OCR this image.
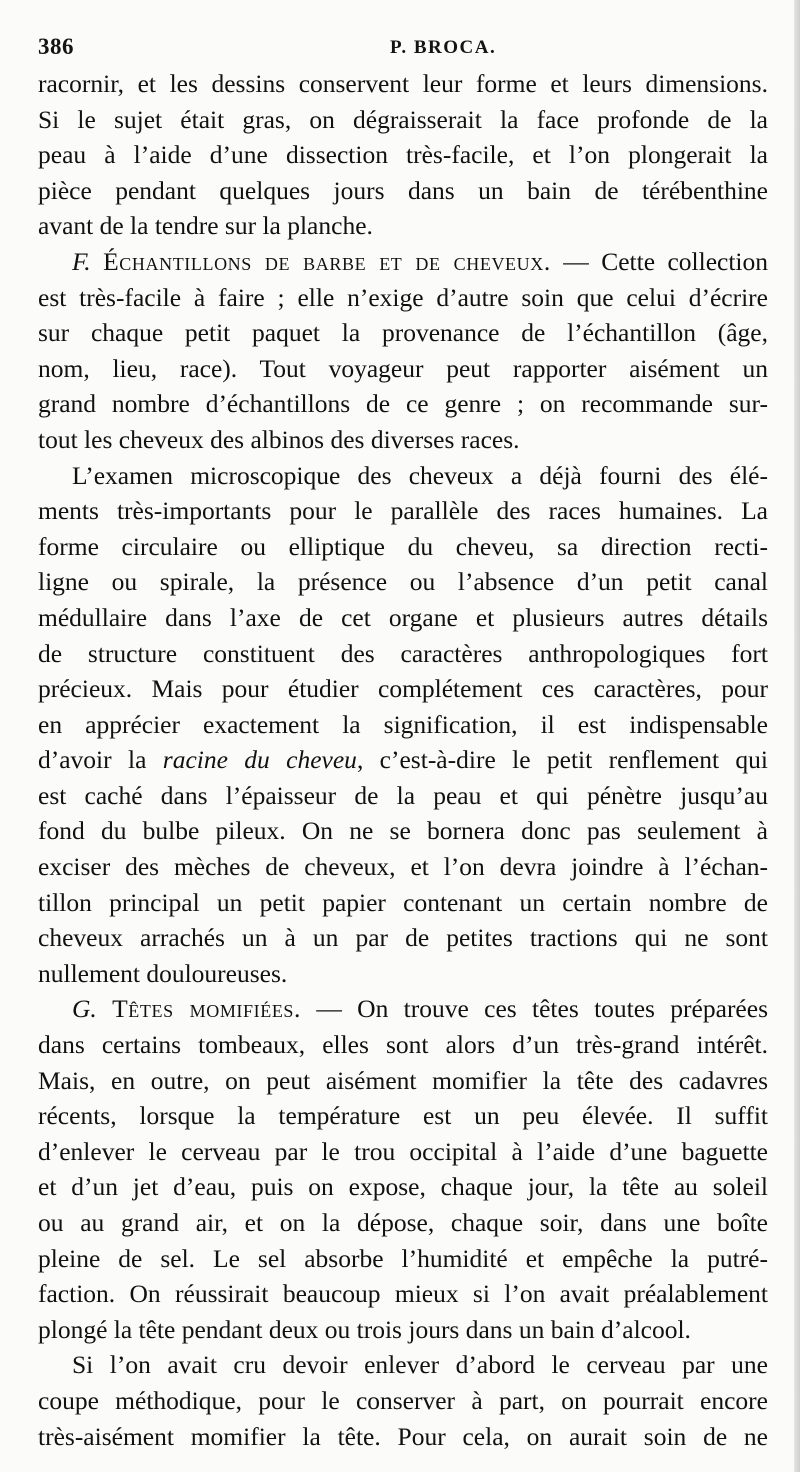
386	P. BROCA.
racornir, et les dessins conservent leur forme et leurs dimensions.
Si le sujet était gras, on dégraisserait la face profonde de la
peau à l’aide d’une dissection très-facile, et l’on plongerait la
pièce pendant quelques jours dans un bain de térébenthine
avant de la tendre sur la planche.
F. Échantillons de barbe et de cheveux. — Cette collection
est très-facile à faire ; elle n’exige d’autre soin que celui d’écrire
sur chaque petit paquet la provenance de l’échantillon (âge,
nom, lieu, race). Tout voyageur peut rapporter aisément un
grand nombre d’échantillons de ce genre ; on recommande sur-
tout les cheveux des albinos des diverses races.
L’examen microscopique des cheveux a déjà fourni des élé-
ments très-importants pour le parallèle des races humaines. La
forme circulaire ou elliptique du cheveu, sa direction recti-
ligne ou spirale, la présence ou l’absence d’un petit canal
médullaire dans l’axe de cet organe et plusieurs autres détails
de structure constituent des caractères anthropologiques fort
précieux. Mais pour étudier complétement ces caractères, pour
en apprécier exactement la signification, il est indispensable
d’avoir la racine du cheveu, c’est-à-dire le petit renflement qui
est caché dans l’épaisseur de la peau et qui pénètre jusqu’au
fond du bulbe pileux. On ne se bornera donc pas seulement à
exciser des mèches de cheveux, et l’on devra joindre à l’échan-
tillon principal un petit papier contenant un certain nombre de
cheveux arrachés un à un par de petites tractions qui ne sont
nullement douloureuses.
G. Têtes momifiées. — On trouve ces têtes toutes préparées
dans certains tombeaux, elles sont alors d’un très-grand intérêt.
Mais, en outre, on peut aisément momifier la tête des cadavres
récents, lorsque la température est un peu élevée. Il suffit
d’enlever le cerveau par le trou occipital à l’aide d’une baguette
et d’un jet d’eau, puis on expose, chaque jour, la tête au soleil
ou au grand air, et on la dépose, chaque soir, dans une boîte
pleine de sel. Le sel absorbe l’humidité et empêche la putré-
faction. On réussirait beaucoup mieux si l’on avait préalablement
plongé la tête pendant deux ou trois jours dans un bain d’alcool.
Si l’on avait cru devoir enlever d’abord le cerveau par une
coupe méthodique, pour le conserver à part, on pourrait encore
très-aisément momifier la tête. Pour cela, on aurait soin de ne
